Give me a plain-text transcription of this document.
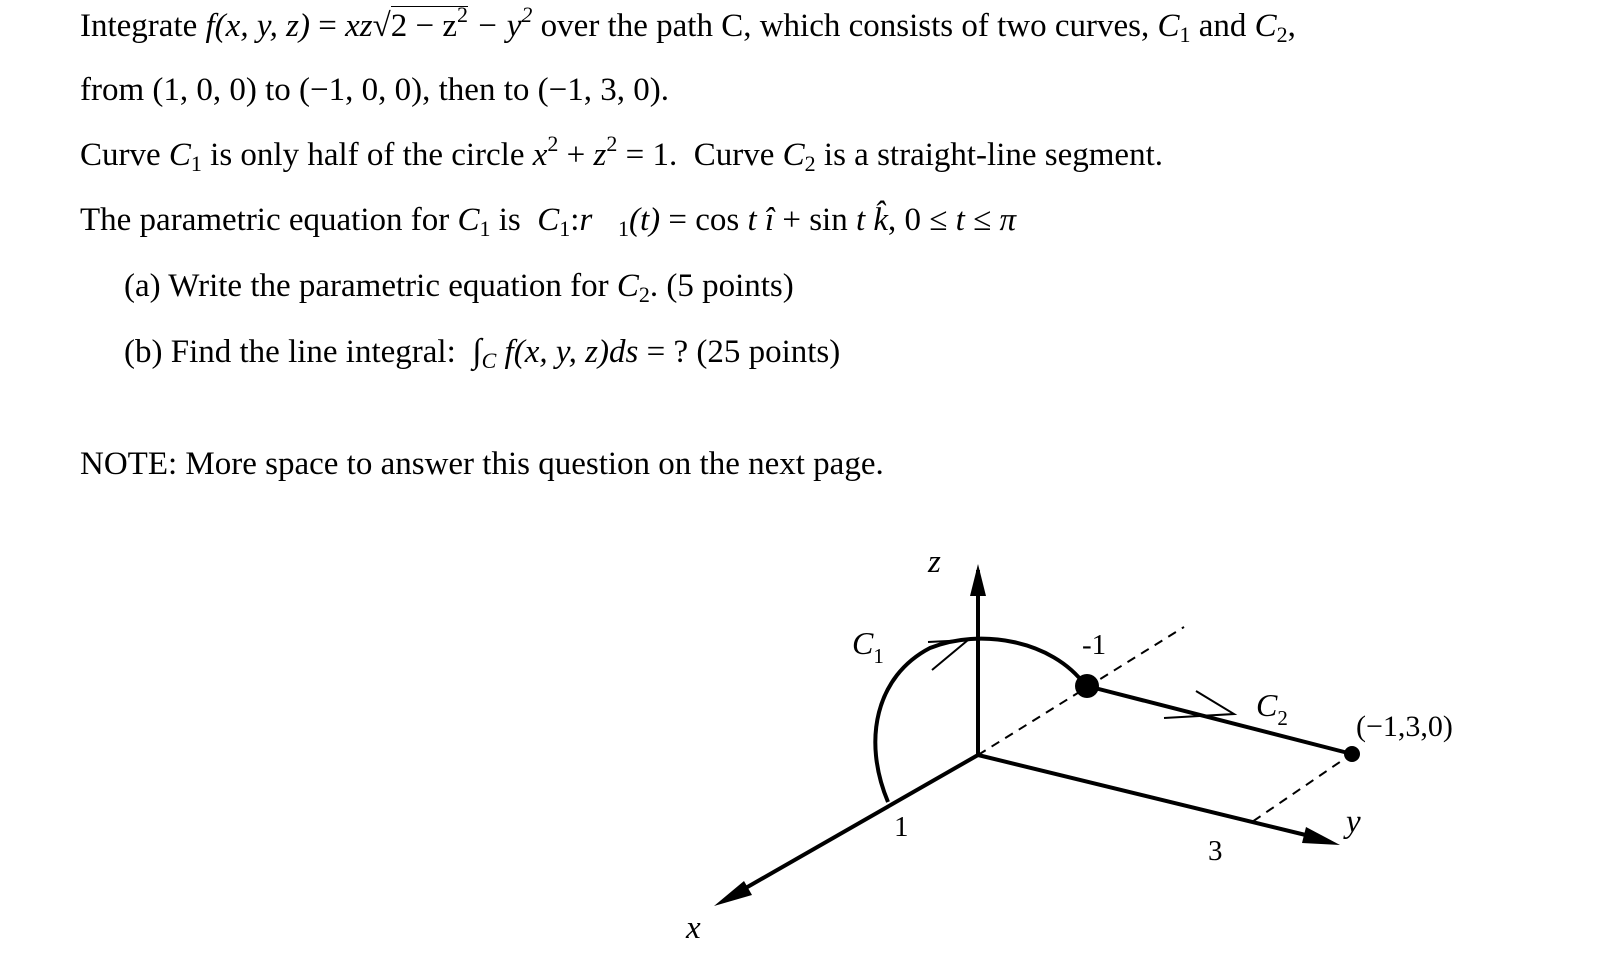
Integrate f(x, y, $z) = xz√2 - z^2 - y^2$ over the path C, which consists of two curves, $C_1$ and $C_2$,
from (1, 0, 0) to (−1, 0, 0), then to (−1, 3, 0).
Curve $C_1$ is only half of the circle $x^2 + z^2 = 1$.  Curve $C_2$ is a straight-line segment.
The parametric equation for $C_1$ is  $C_1:r⃗_1(t) = \cos t$ î + sin t k̂, 0 ≤ t ≤ π
(a) Write the parametric equation for $C_2$. (5 points)
(b) Find the line integral:  $\int_C$ f(x, y, z)ds = ? (25 points)
NOTE: More space to answer this question on the next page.
z
x
y
$C_1$
$C_2$
-1
1
3
(−1,3,0)
